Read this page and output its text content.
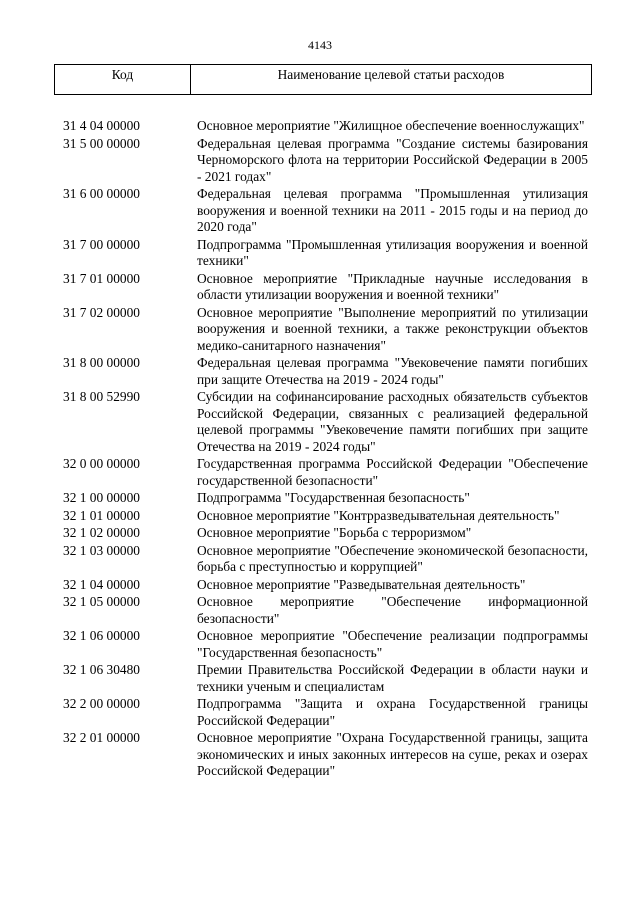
4143
Код	Наименование целевой статьи расходов
31 4 04 00000	Основное мероприятие "Жилищное обеспечение военнослужащих"
31 5 00 00000	Федеральная целевая программа "Создание системы базирования Черноморского флота на территории Российской Федерации в 2005 - 2021 годах"
31 6 00 00000	Федеральная целевая программа "Промышленная утилизация вооружения и военной техники на 2011 - 2015 годы и на период до 2020 года"
31 7 00 00000	Подпрограмма "Промышленная утилизация вооружения и военной техники"
31 7 01 00000	Основное мероприятие "Прикладные научные исследования в области утилизации вооружения и военной техники"
31 7 02 00000	Основное мероприятие "Выполнение мероприятий по утилизации вооружения и военной техники, а также реконструкции объектов медико-санитарного назначения"
31 8 00 00000	Федеральная целевая программа "Увековечение памяти погибших при защите Отечества на 2019 - 2024 годы"
31 8 00 52990	Субсидии на софинансирование расходных обязательств субъектов Российской Федерации, связанных с реализацией федеральной целевой программы "Увековечение памяти погибших при защите Отечества на 2019 - 2024 годы"
32 0 00 00000	Государственная программа Российской Федерации "Обеспечение государственной безопасности"
32 1 00 00000	Подпрограмма "Государственная безопасность"
32 1 01 00000	Основное мероприятие "Контрразведывательная деятельность"
32 1 02 00000	Основное мероприятие "Борьба с терроризмом"
32 1 03 00000	Основное мероприятие "Обеспечение экономической безопасности, борьба с преступностью и коррупцией"
32 1 04 00000	Основное мероприятие "Разведывательная деятельность"
32 1 05 00000	Основное мероприятие "Обеспечение информационной безопасности"
32 1 06 00000	Основное мероприятие "Обеспечение реализации подпрограммы "Государственная безопасность"
32 1 06 30480	Премии Правительства Российской Федерации в области науки и техники ученым и специалистам
32 2 00 00000	Подпрограмма "Защита и охрана Государственной границы Российской Федерации"
32 2 01 00000	Основное мероприятие "Охрана Государственной границы, защита экономических и иных законных интересов на суше, реках и озерах Российской Федерации"
